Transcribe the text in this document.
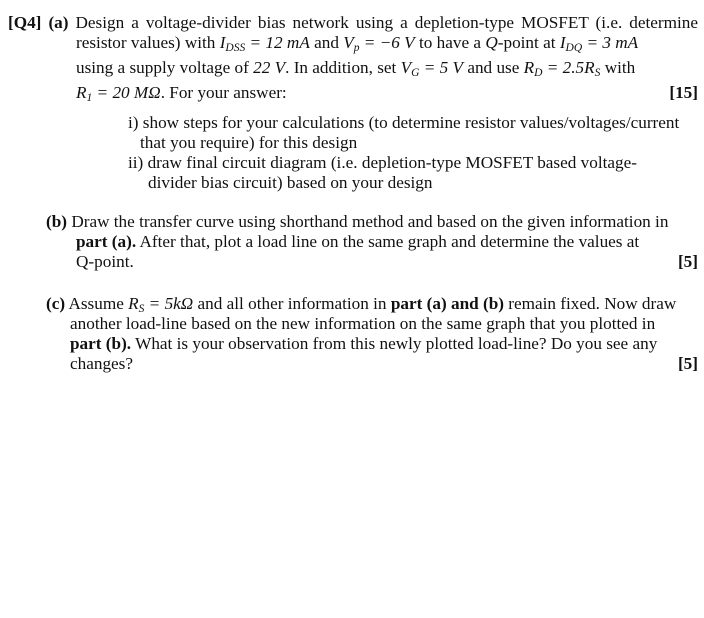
[Q4] (a) Design a voltage-divider bias network using a depletion-type MOSFET (i.e. determine
resistor values) with $I_{DSS} = 12$ mA and $V_p = -6$ V to have a Q-point at $I_{DQ} = 3$ mA
using a supply voltage of 22 V. In addition, set $V_G = 5$ V and use $R_D = 2.5R_S$ with
$R_1 = 20$ MΩ. For your answer:	[15]
i) show steps for your calculations (to determine resistor values/voltages/current
that you require) for this design
ii) draw final circuit diagram (i.e. depletion-type MOSFET based voltage-
divider bias circuit) based on your design
(b) Draw the transfer curve using shorthand method and based on the given information in
part (a). After that, plot a load line on the same graph and determine the values at
Q-point.	[5]
(c) Assume $R_S = 5k\Omega$ and all other information in part (a) and (b) remain fixed. Now draw
another load-line based on the new information on the same graph that you plotted in
part (b). What is your observation from this newly plotted load-line? Do you see any
changes?	[5]
